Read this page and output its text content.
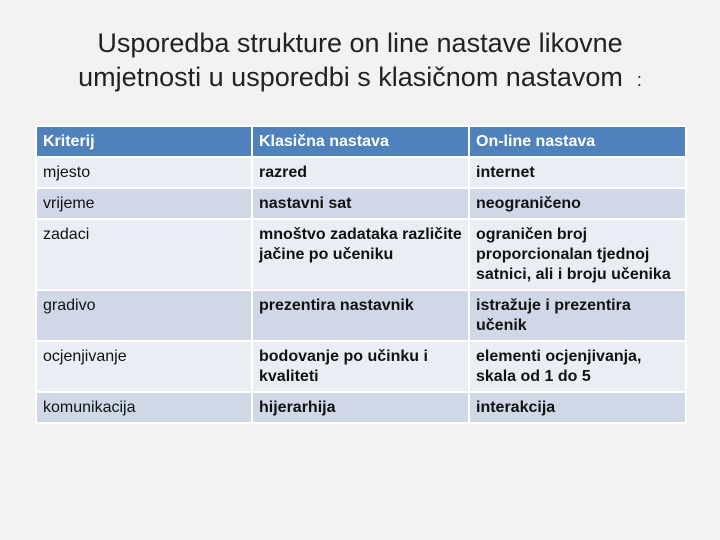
Usporedba strukture on line nastave likovne
umjetnosti u usporedbi s klasičnom nastavom :
Kriterij	Klasična nastava	On-line nastava
mjesto	razred	internet
vrijeme	nastavni sat	neograničeno
zadaci	mnoštvo zadataka različite jačine po učeniku	ograničen broj proporcionalan tjednoj satnici, ali i broju učenika
gradivo	prezentira nastavnik	istražuje i prezentira učenik
ocjenjivanje	bodovanje po učinku i kvaliteti	elementi ocjenjivanja, skala od 1 do 5
komunikacija	hijerarhija	interakcija
